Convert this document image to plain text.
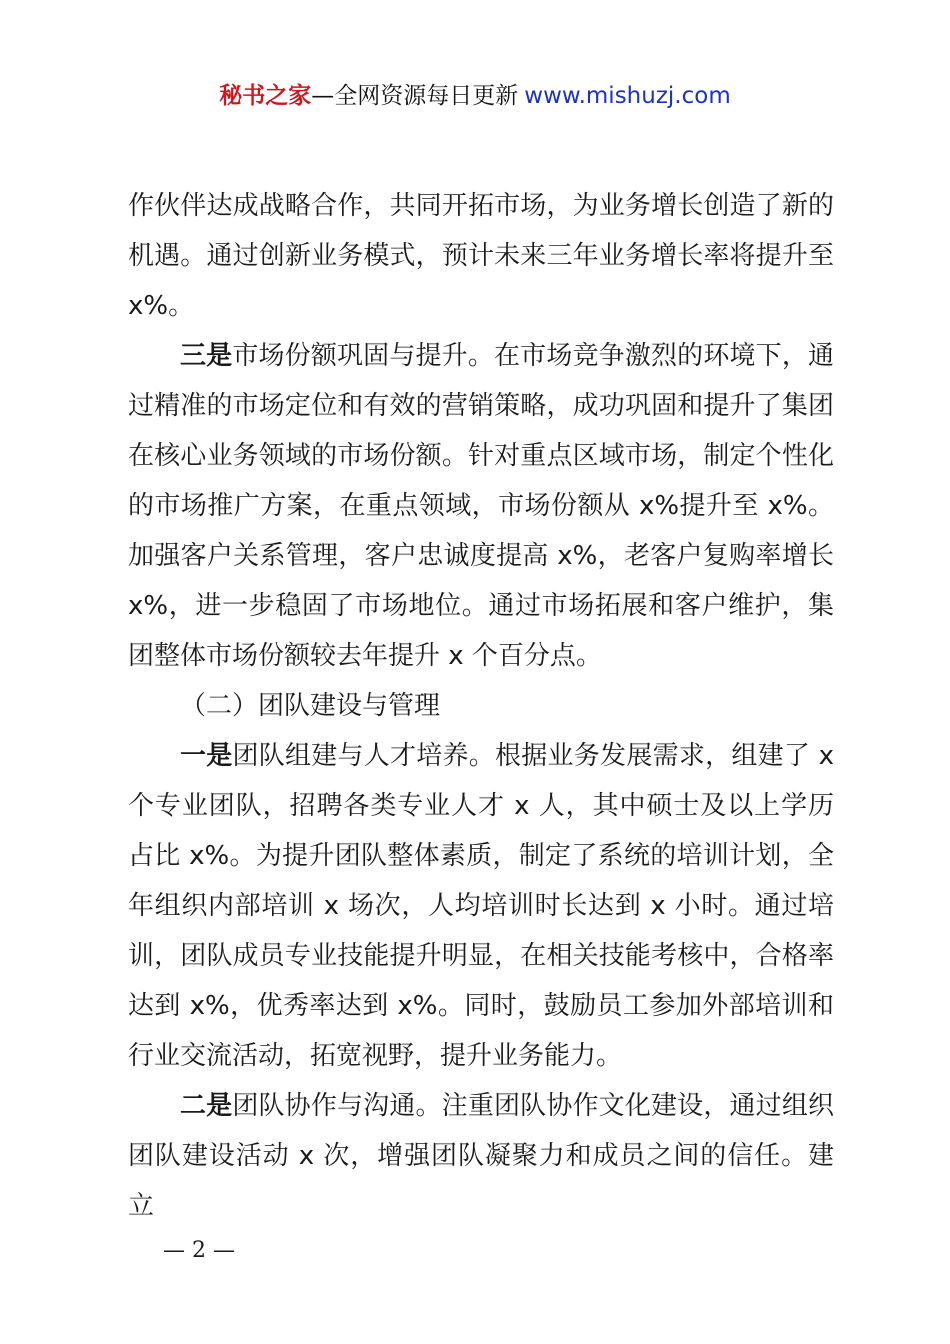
秘书之家—全网资源每日更新 www.mishuzj.com

作伙伴达成战略合作，共同开拓市场，为业务增长创造了新的机遇。通过创新业务模式，预计未来三年业务增长率将提升至x%。

三是市场份额巩固与提升。在市场竞争激烈的环境下，通过精准的市场定位和有效的营销策略，成功巩固和提升了集团在核心业务领域的市场份额。针对重点区域市场，制定个性化的市场推广方案，在重点领域，市场份额从 x%提升至 x%。加强客户关系管理，客户忠诚度提高 x%，老客户复购率增长 x%，进一步稳固了市场地位。通过市场拓展和客户维护，集团整体市场份额较去年提升 x 个百分点。

（二）团队建设与管理

一是团队组建与人才培养。根据业务发展需求，组建了 x 个专业团队，招聘各类专业人才 x 人，其中硕士及以上学历占比 x%。为提升团队整体素质，制定了系统的培训计划，全年组织内部培训 x 场次，人均培训时长达到 x 小时。通过培训，团队成员专业技能提升明显，在相关技能考核中，合格率达到 x%，优秀率达到 x%。同时，鼓励员工参加外部培训和行业交流活动，拓宽视野，提升业务能力。

二是团队协作与沟通。注重团队协作文化建设，通过组织团队建设活动 x 次，增强团队凝聚力和成员之间的信任。建立

— 2 —
